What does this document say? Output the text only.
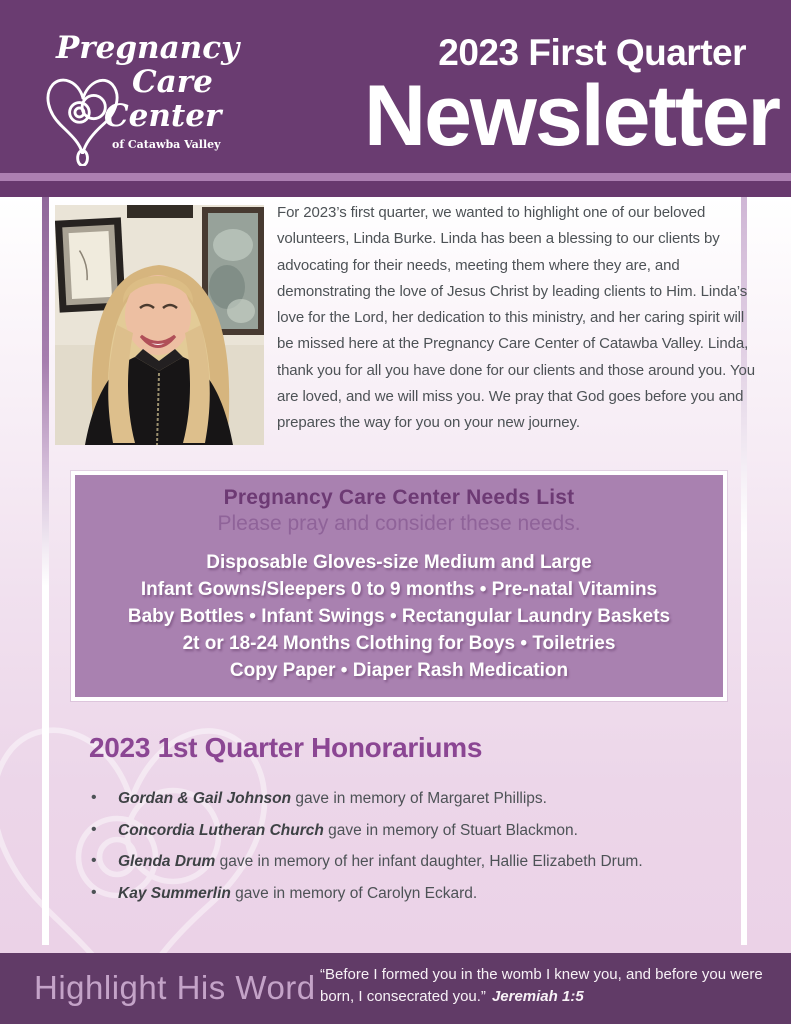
Pregnancy
Care
Center
of Catawba Valley
2023 First Quarter
Newsletter

For 2023’s first quarter, we wanted to highlight one of our beloved volunteers, Linda Burke. Linda has been a blessing to our clients by advocating for their needs, meeting them where they are, and demonstrating the love of Jesus Christ by leading clients to Him. Linda’s love for the Lord, her dedication to this ministry, and her caring spirit will be missed here at the Pregnancy Care Center of Catawba Valley. Linda, thank you for all you have done for our clients and those around you. You are loved, and we will miss you. We pray that God goes before you and prepares the way for you on your new journey.

Pregnancy Care Center Needs List

Please pray and consider these needs.

Disposable Gloves-size Medium and Large
Infant Gowns/Sleepers 0 to 9 months • Pre-natal Vitamins
Baby Bottles • Infant Swings • Rectangular Laundry Baskets
2t or 18-24 Months Clothing for Boys • Toiletries
Copy Paper • Diaper Rash Medication
2023 1st Quarter Honorariums
• Gordan & Gail Johnson gave in memory of Margaret Phillips.
• Concordia Lutheran Church gave in memory of Stuart Blackmon.
• Glenda Drum gave in memory of her infant daughter, Hallie Elizabeth Drum.
• Kay Summerlin gave in memory of Carolyn Eckard.
Highlight His Word “Before I formed you in the womb I knew you, and before you were born, I consecrated you.” Jeremiah 1:5
